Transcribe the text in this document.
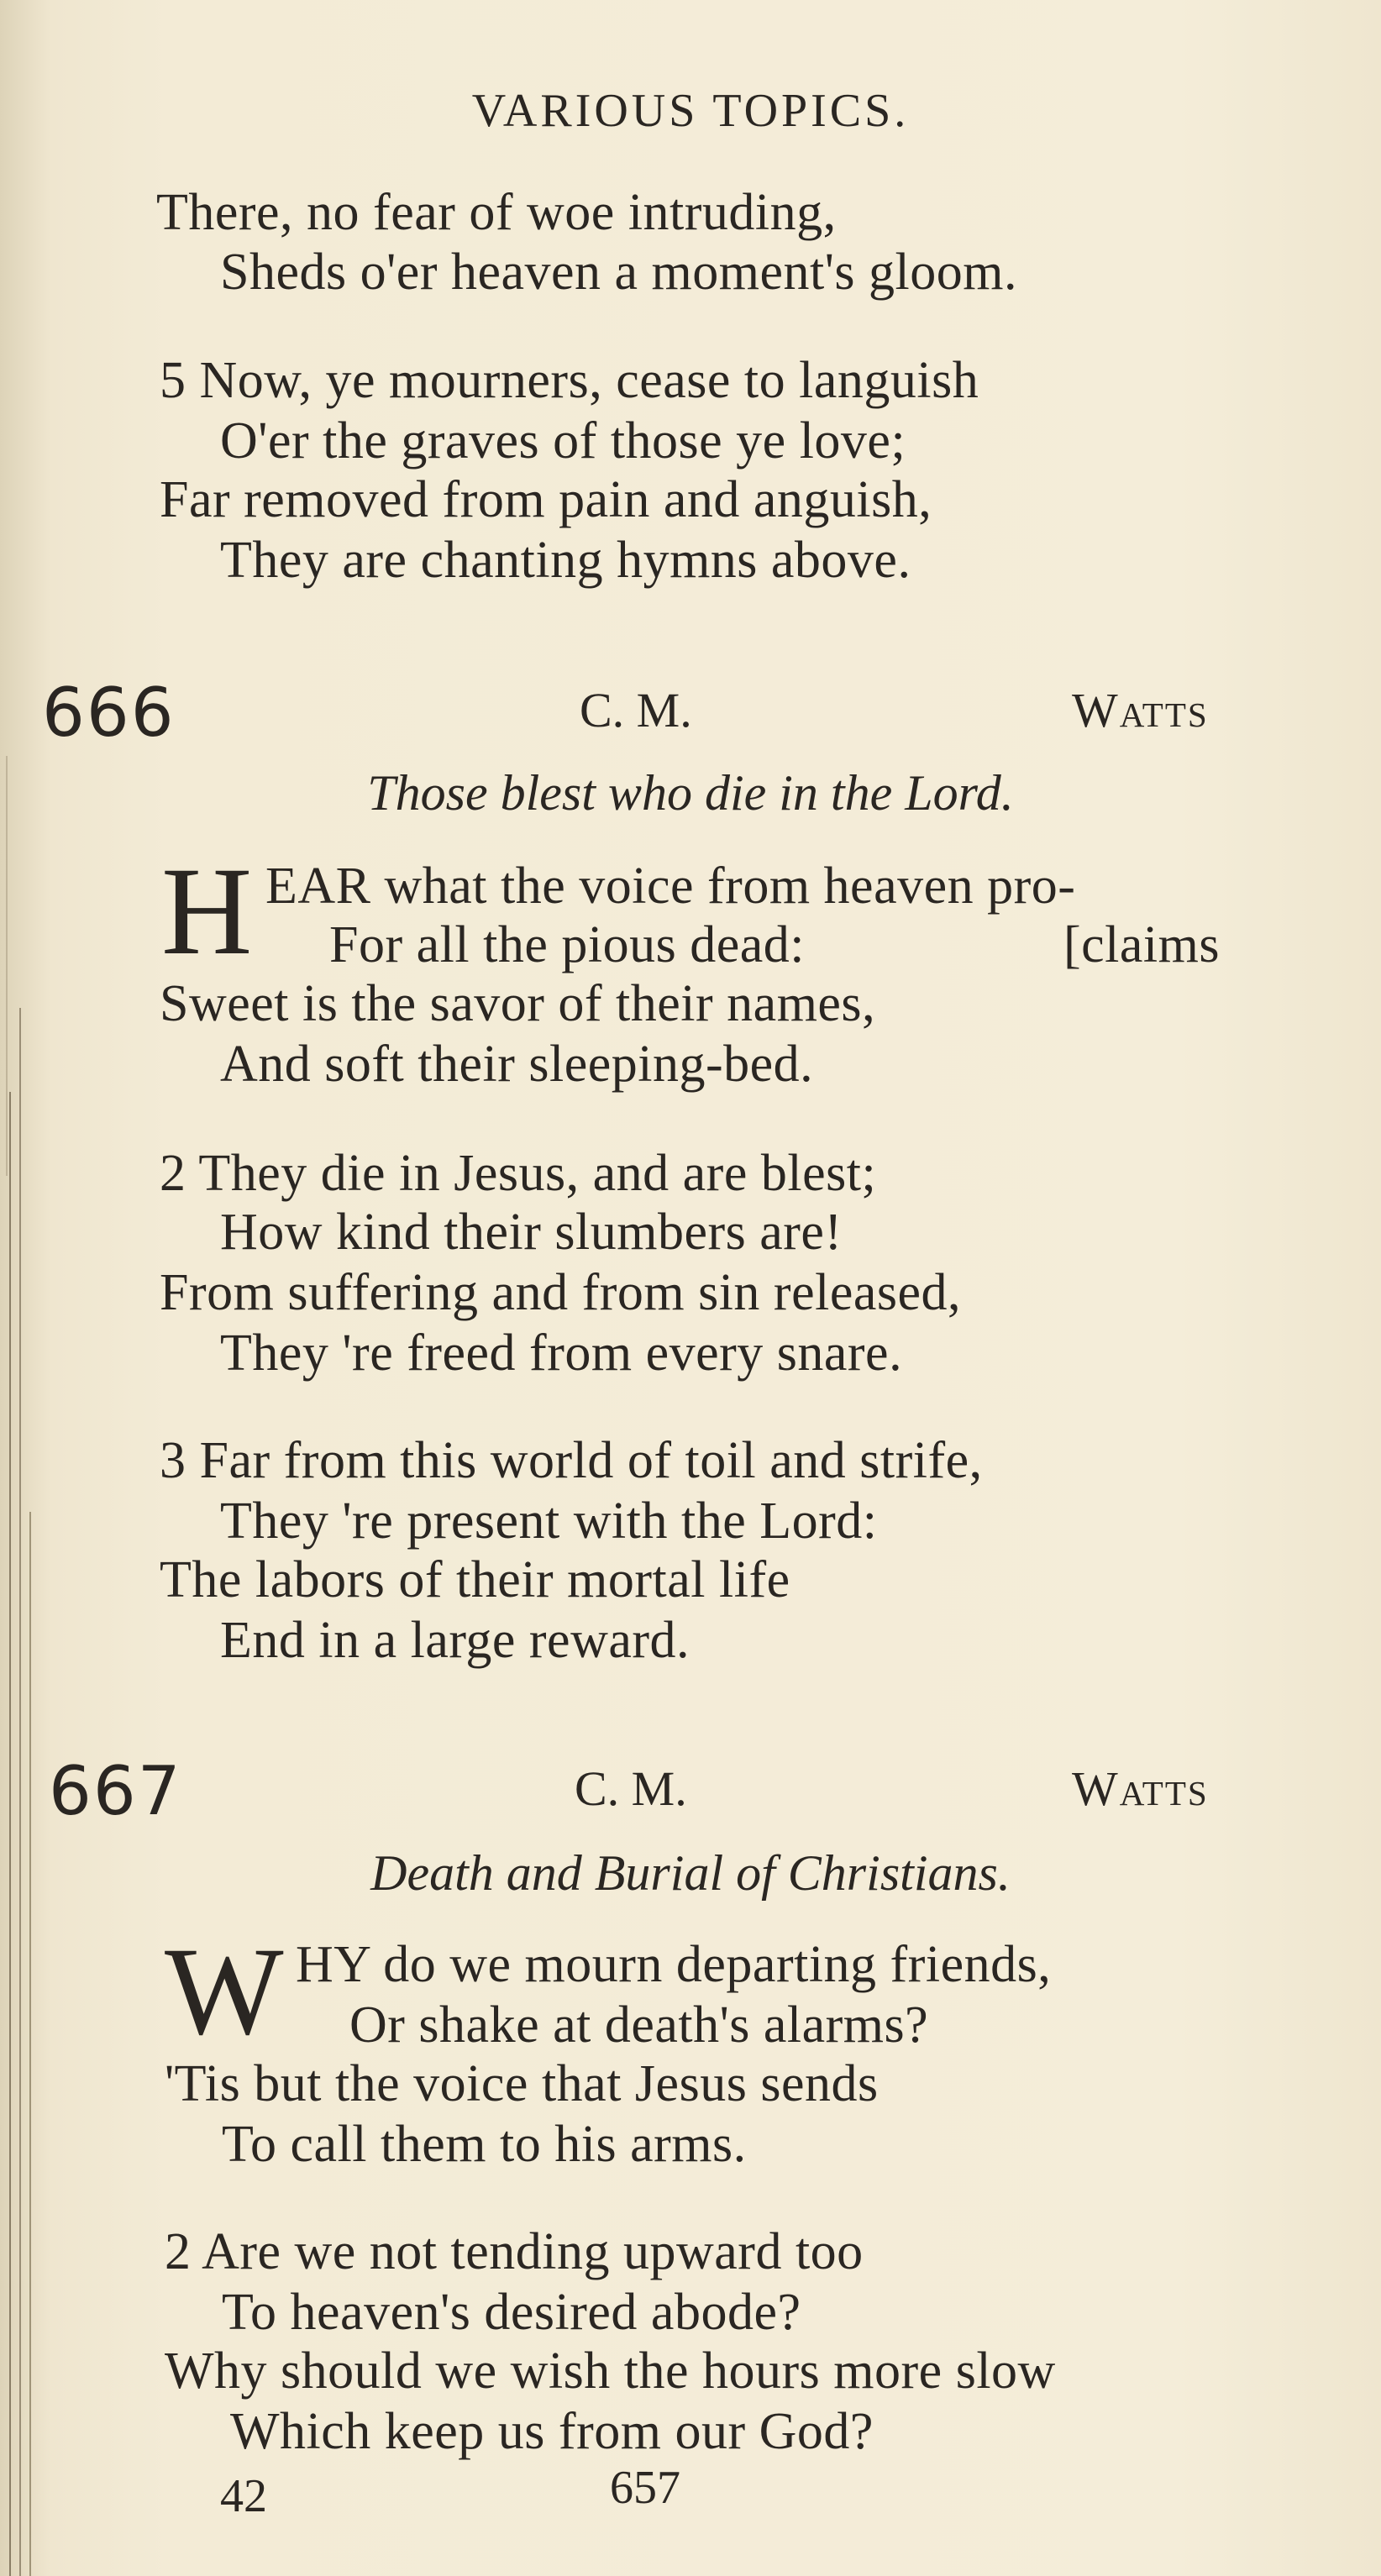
VARIOUS TOPICS.
There, no fear of woe intruding,
Sheds o'er heaven a moment's gloom.
5 Now, ye mourners, cease to languish
O'er the graves of those ye love;
Far removed from pain and anguish,
They are chanting hymns above.
666	C. M.	Watts
Those blest who die in the Lord.
H EAR what the voice from heaven pro-
For all the pious dead:	[claims
Sweet is the savor of their names,
And soft their sleeping-bed.
2 They die in Jesus, and are blest;
How kind their slumbers are!
From suffering and from sin released,
They 're freed from every snare.
3 Far from this world of toil and strife,
They 're present with the Lord:
The labors of their mortal life
End in a large reward.
667	C. M.	Watts
Death and Burial of Christians.
W HY do we mourn departing friends,
Or shake at death's alarms?
'Tis but the voice that Jesus sends
To call them to his arms.
2 Are we not tending upward too
To heaven's desired abode?
Why should we wish the hours more slow
Which keep us from our God?
42	657
